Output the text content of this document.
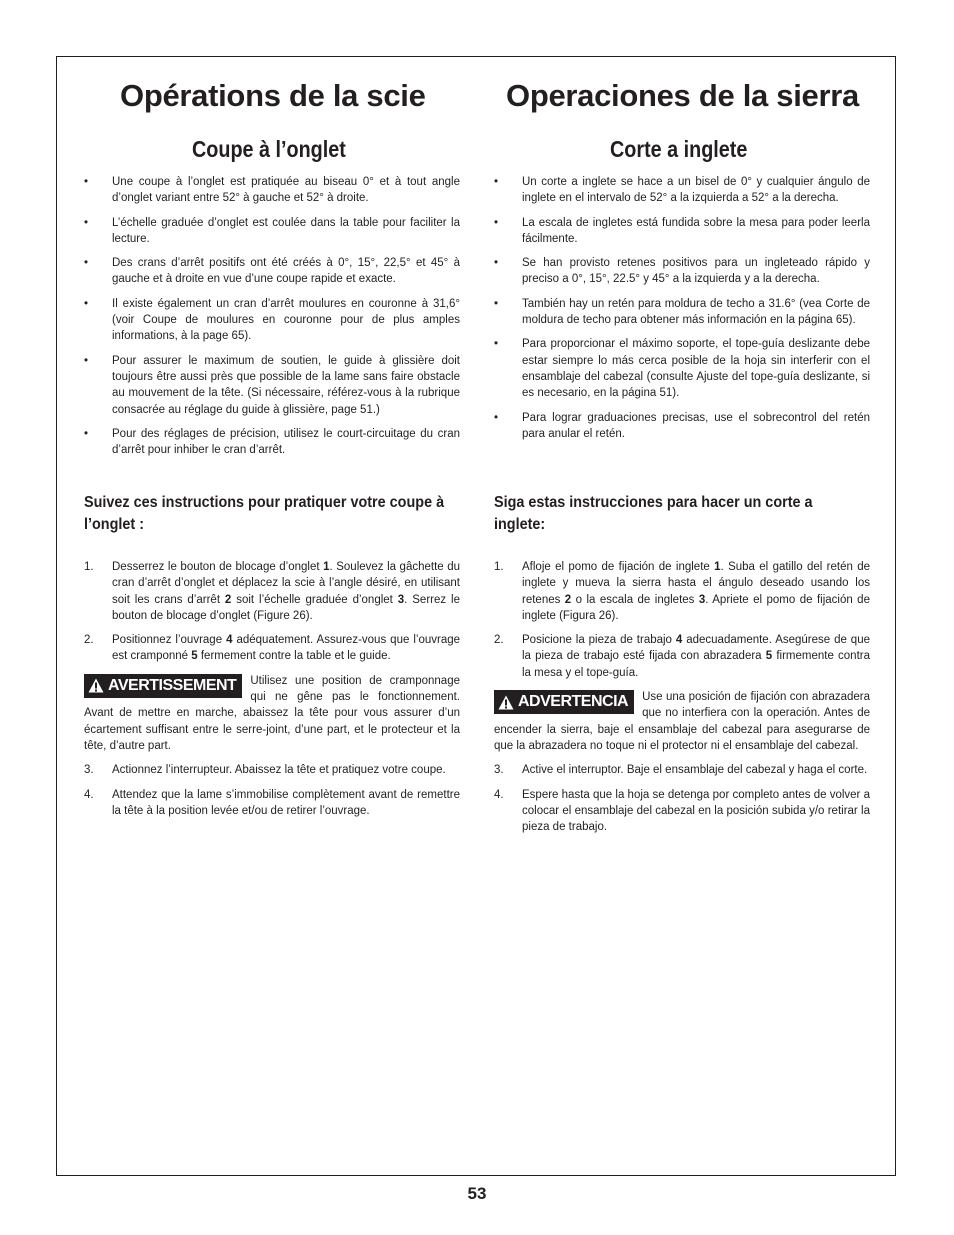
Opérations de la scie	Operaciones de la sierra
Coupe à l’onglet	Corte a inglete
• Une coupe à l’onglet est pratiquée au biseau 0° et à tout angle d’onglet variant entre 52° à gauche et 52° à droite.
• L’échelle graduée d’onglet est coulée dans la table pour faciliter la lecture.
• Des crans d’arrêt positifs ont été créés à 0°, 15°, 22,5° et 45° à gauche et à droite en vue d’une coupe rapide et exacte.
• Il existe également un cran d’arrêt moulures en couronne à 31,6° (voir Coupe de moulures en couronne pour de plus amples informations, à la page 65).
• Pour assurer le maximum de soutien, le guide à glissière doit toujours être aussi près que possible de la lame sans faire obstacle au mouvement de la tête. (Si nécessaire, référez-vous à la rubrique consacrée au réglage du guide à glissière, page 51.)
• Pour des réglages de précision, utilisez le court-circuitage du cran d’arrêt pour inhiber le cran d’arrêt.
Suivez ces instructions pour pratiquer votre coupe à l’onglet :
1. Desserrez le bouton de blocage d’onglet 1. Soulevez la gâchette du cran d’arrêt d’onglet et déplacez la scie à l’angle désiré, en utilisant soit les crans d’arrêt 2 soit l’échelle graduée d’onglet 3. Serrez le bouton de blocage d’onglet (Figure 26).
2. Positionnez l’ouvrage 4 adéquatement. Assurez-vous que l’ouvrage est cramponné 5 fermement contre la table et le guide.
AVERTISSEMENT Utilisez une position de cramponnage qui ne gêne pas le fonctionnement. Avant de mettre en marche, abaissez la tête pour vous assurer d’un écartement suffisant entre le serre-joint, d’une part, et le protecteur et la tête, d’autre part.
3. Actionnez l’interrupteur. Abaissez la tête et pratiquez votre coupe.
4. Attendez que la lame s’immobilise complètement avant de remettre la tête à la position levée et/ou de retirer l’ouvrage.
• Un corte a inglete se hace a un bisel de 0° y cualquier ángulo de inglete en el intervalo de 52° a la izquierda a 52° a la derecha.
• La escala de ingletes está fundida sobre la mesa para poder leerla fácilmente.
• Se han provisto retenes positivos para un ingleteado rápido y preciso a 0°, 15°, 22.5° y 45° a la izquierda y a la derecha.
• También hay un retén para moldura de techo a 31.6° (vea Corte de moldura de techo para obtener más información en la página 65).
• Para proporcionar el máximo soporte, el tope-guía deslizante debe estar siempre lo más cerca posible de la hoja sin interferir con el ensamblaje del cabezal (consulte Ajuste del tope-guía deslizante, si es necesario, en la página 51).
• Para lograr graduaciones precisas, use el sobrecontrol del retén para anular el retén.
Siga estas instrucciones para hacer un corte a inglete:
1. Afloje el pomo de fijación de inglete 1. Suba el gatillo del retén de inglete y mueva la sierra hasta el ángulo deseado usando los retenes 2 o la escala de ingletes 3. Apriete el pomo de fijación de inglete (Figura 26).
2. Posicione la pieza de trabajo 4 adecuadamente. Asegúrese de que la pieza de trabajo esté fijada con abrazadera 5 firmemente contra la mesa y el tope-guía.
ADVERTENCIA Use una posición de fijación con abrazadera que no interfiera con la operación. Antes de encender la sierra, baje el ensamblaje del cabezal para asegurarse de que la abrazadera no toque ni el protector ni el ensamblaje del cabezal.
3. Active el interruptor. Baje el ensamblaje del cabezal y haga el corte.
4. Espere hasta que la hoja se detenga por completo antes de volver a colocar el ensamblaje del cabezal en la posición subida y/o retirar la pieza de trabajo.
53
